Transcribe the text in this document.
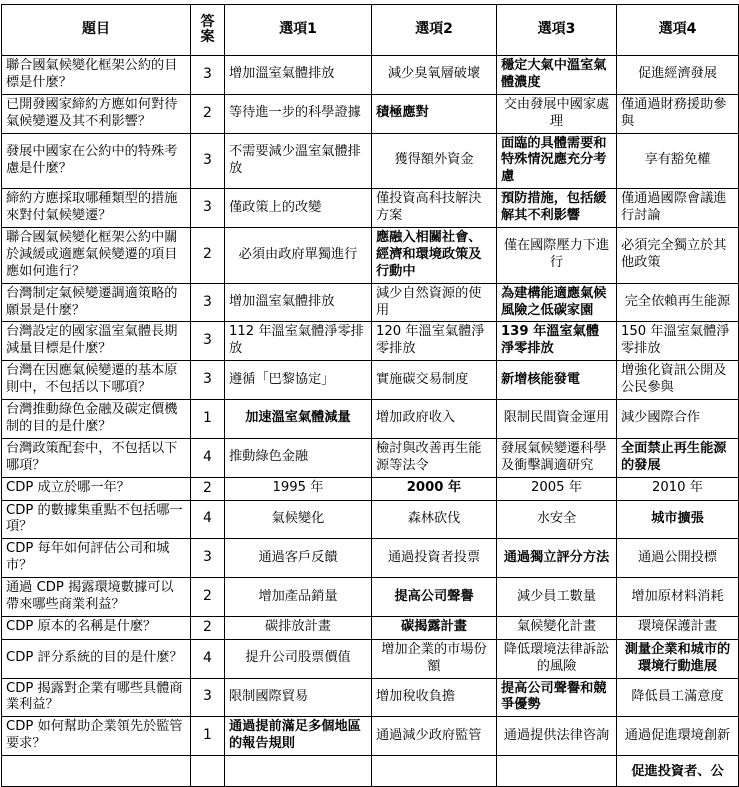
題目	答案	選項1	選項2	選項3	選項4
聯合國氣候變化框架公約的目標是什麼？	3	增加溫室氣體排放	減少臭氧層破壞	穩定大氣中溫室氣體濃度	促進經濟發展
已開發國家締約方應如何對待氣候變遷及其不利影響？	2	等待進一步的科學證據	積極應對	交由發展中國家處理	僅通過財務援助參與
發展中國家在公約中的特殊考慮是什麼？	3	不需要減少溫室氣體排放	獲得額外資金	面臨的具體需要和特殊情況應充分考慮	享有豁免權
締約方應採取哪種類型的措施來對付氣候變遷？	3	僅政策上的改變	僅投資高科技解決方案	預防措施，包括緩解其不利影響	僅通過國際會議進行討論
聯合國氣候變化框架公約中關於減緩或適應氣候變遷的項目應如何進行？	2	必須由政府單獨進行	應融入相關社會、經濟和環境政策及行動中	僅在國際壓力下進行	必須完全獨立於其他政策
台灣制定氣候變遷調適策略的願景是什麼？	3	增加溫室氣體排放	減少自然資源的使用	為建構能適應氣候風險之低碳家園	完全依賴再生能源
台灣設定的國家溫室氣體長期減量目標是什麼？	3	112 年溫室氣體淨零排放	120 年溫室氣體淨零排放	139 年溫室氣體淨零排放	150 年溫室氣體淨零排放
台灣在因應氣候變遷的基本原則中，不包括以下哪項？	3	遵循「巴黎協定」	實施碳交易制度	新增核能發電	增強化資訊公開及公民參與
台灣推動綠色金融及碳定價機制的目的是什麼？	1	加速溫室氣體減量	增加政府收入	限制民間資金運用	減少國際合作
台灣政策配套中，不包括以下哪項？	4	推動綠色金融	檢討與改善再生能源等法令	發展氣候變遷科學及衝擊調適研究	全面禁止再生能源的發展
CDP 成立於哪一年？	2	1995 年	2000 年	2005 年	2010 年
CDP 的數據集重點不包括哪一項？	4	氣候變化	森林砍伐	水安全	城市擴張
CDP 每年如何評估公司和城市？	3	通過客戶反饋	通過投資者投票	通過獨立評分方法	通過公開投標
通過 CDP 揭露環境數據可以帶來哪些商業利益？	2	增加產品銷量	提高公司聲譽	減少員工數量	增加原材料消耗
CDP 原本的名稱是什麼？	2	碳排放計畫	碳揭露計畫	氣候變化計畫	環境保護計畫
CDP 評分系統的目的是什麼？	4	提升公司股票價值	增加企業的市場份額	降低環境法律訴訟的風險	測量企業和城市的環境行動進展
CDP 揭露對企業有哪些具體商業利益？	3	限制國際貿易	增加稅收負擔	提高公司聲譽和競爭優勢	降低員工滿意度
CDP 如何幫助企業領先於監管要求？	1	通過提前滿足多個地區的報告規則	通過減少政府監管	通過提供法律咨詢	通過促進環境創新

					促進投資者、公
